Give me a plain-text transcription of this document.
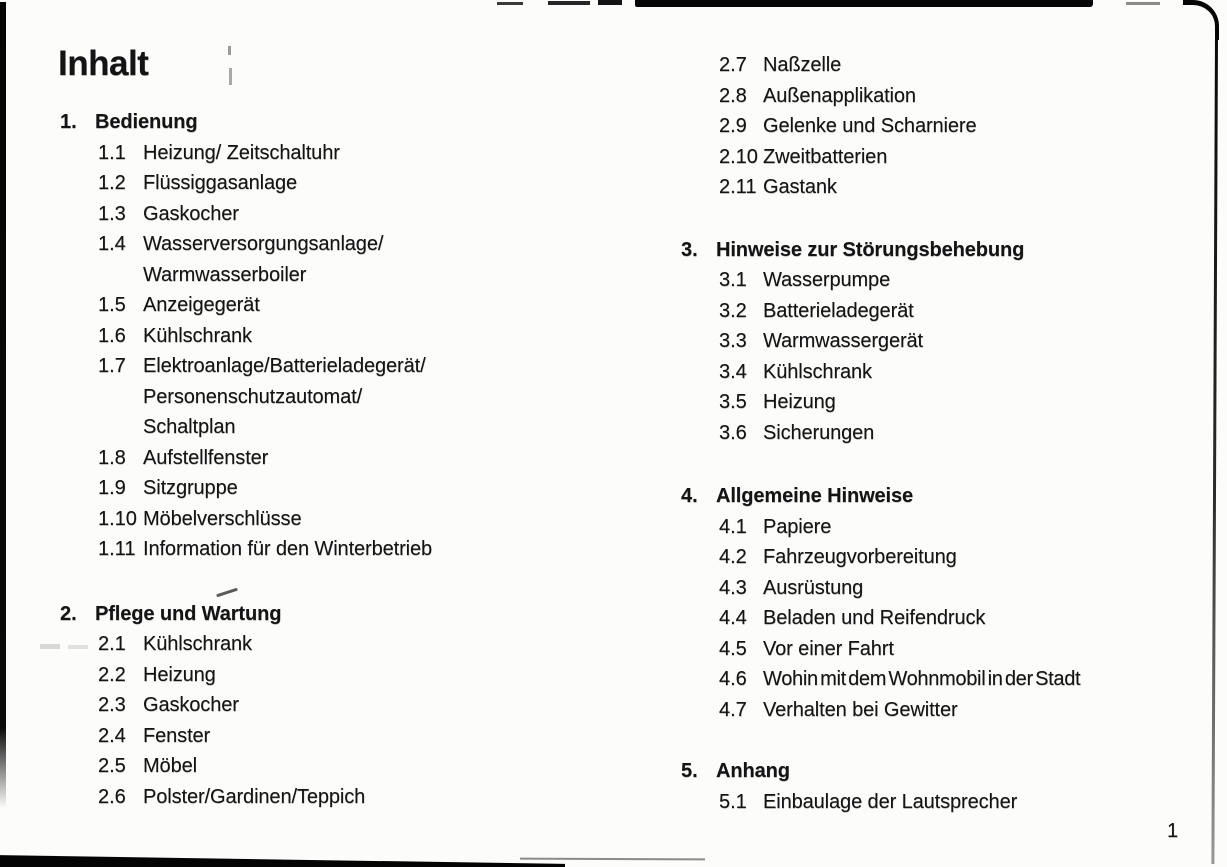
Inhalt
1. Bedienung
1.1 Heizung/ Zeitschaltuhr
1.2 Flüssiggasanlage
1.3 Gaskocher
1.4 Wasserversorgungsanlage/
Warmwasserboiler
1.5 Anzeigegerät
1.6 Kühlschrank
1.7 Elektroanlage/Batterieladegerät/
Personenschutzautomat/
Schaltplan
1.8 Aufstellfenster
1.9 Sitzgruppe
1.10 Möbelverschlüsse
1.11 Information für den Winterbetrieb
2. Pflege und Wartung
2.1 Kühlschrank
2.2 Heizung
2.3 Gaskocher
2.4 Fenster
2.5 Möbel
2.6 Polster/Gardinen/Teppich
2.7 Naßzelle
2.8 Außenapplikation
2.9 Gelenke und Scharniere
2.10 Zweitbatterien
2.11 Gastank
3. Hinweise zur Störungsbehebung
3.1 Wasserpumpe
3.2 Batterieladegerät
3.3 Warmwassergerät
3.4 Kühlschrank
3.5 Heizung
3.6 Sicherungen
4. Allgemeine Hinweise
4.1 Papiere
4.2 Fahrzeugvorbereitung
4.3 Ausrüstung
4.4 Beladen und Reifendruck
4.5 Vor einer Fahrt
4.6 Wohin mit dem Wohnmobil in der Stadt
4.7 Verhalten bei Gewitter
5. Anhang
5.1 Einbaulage der Lautsprecher
1
